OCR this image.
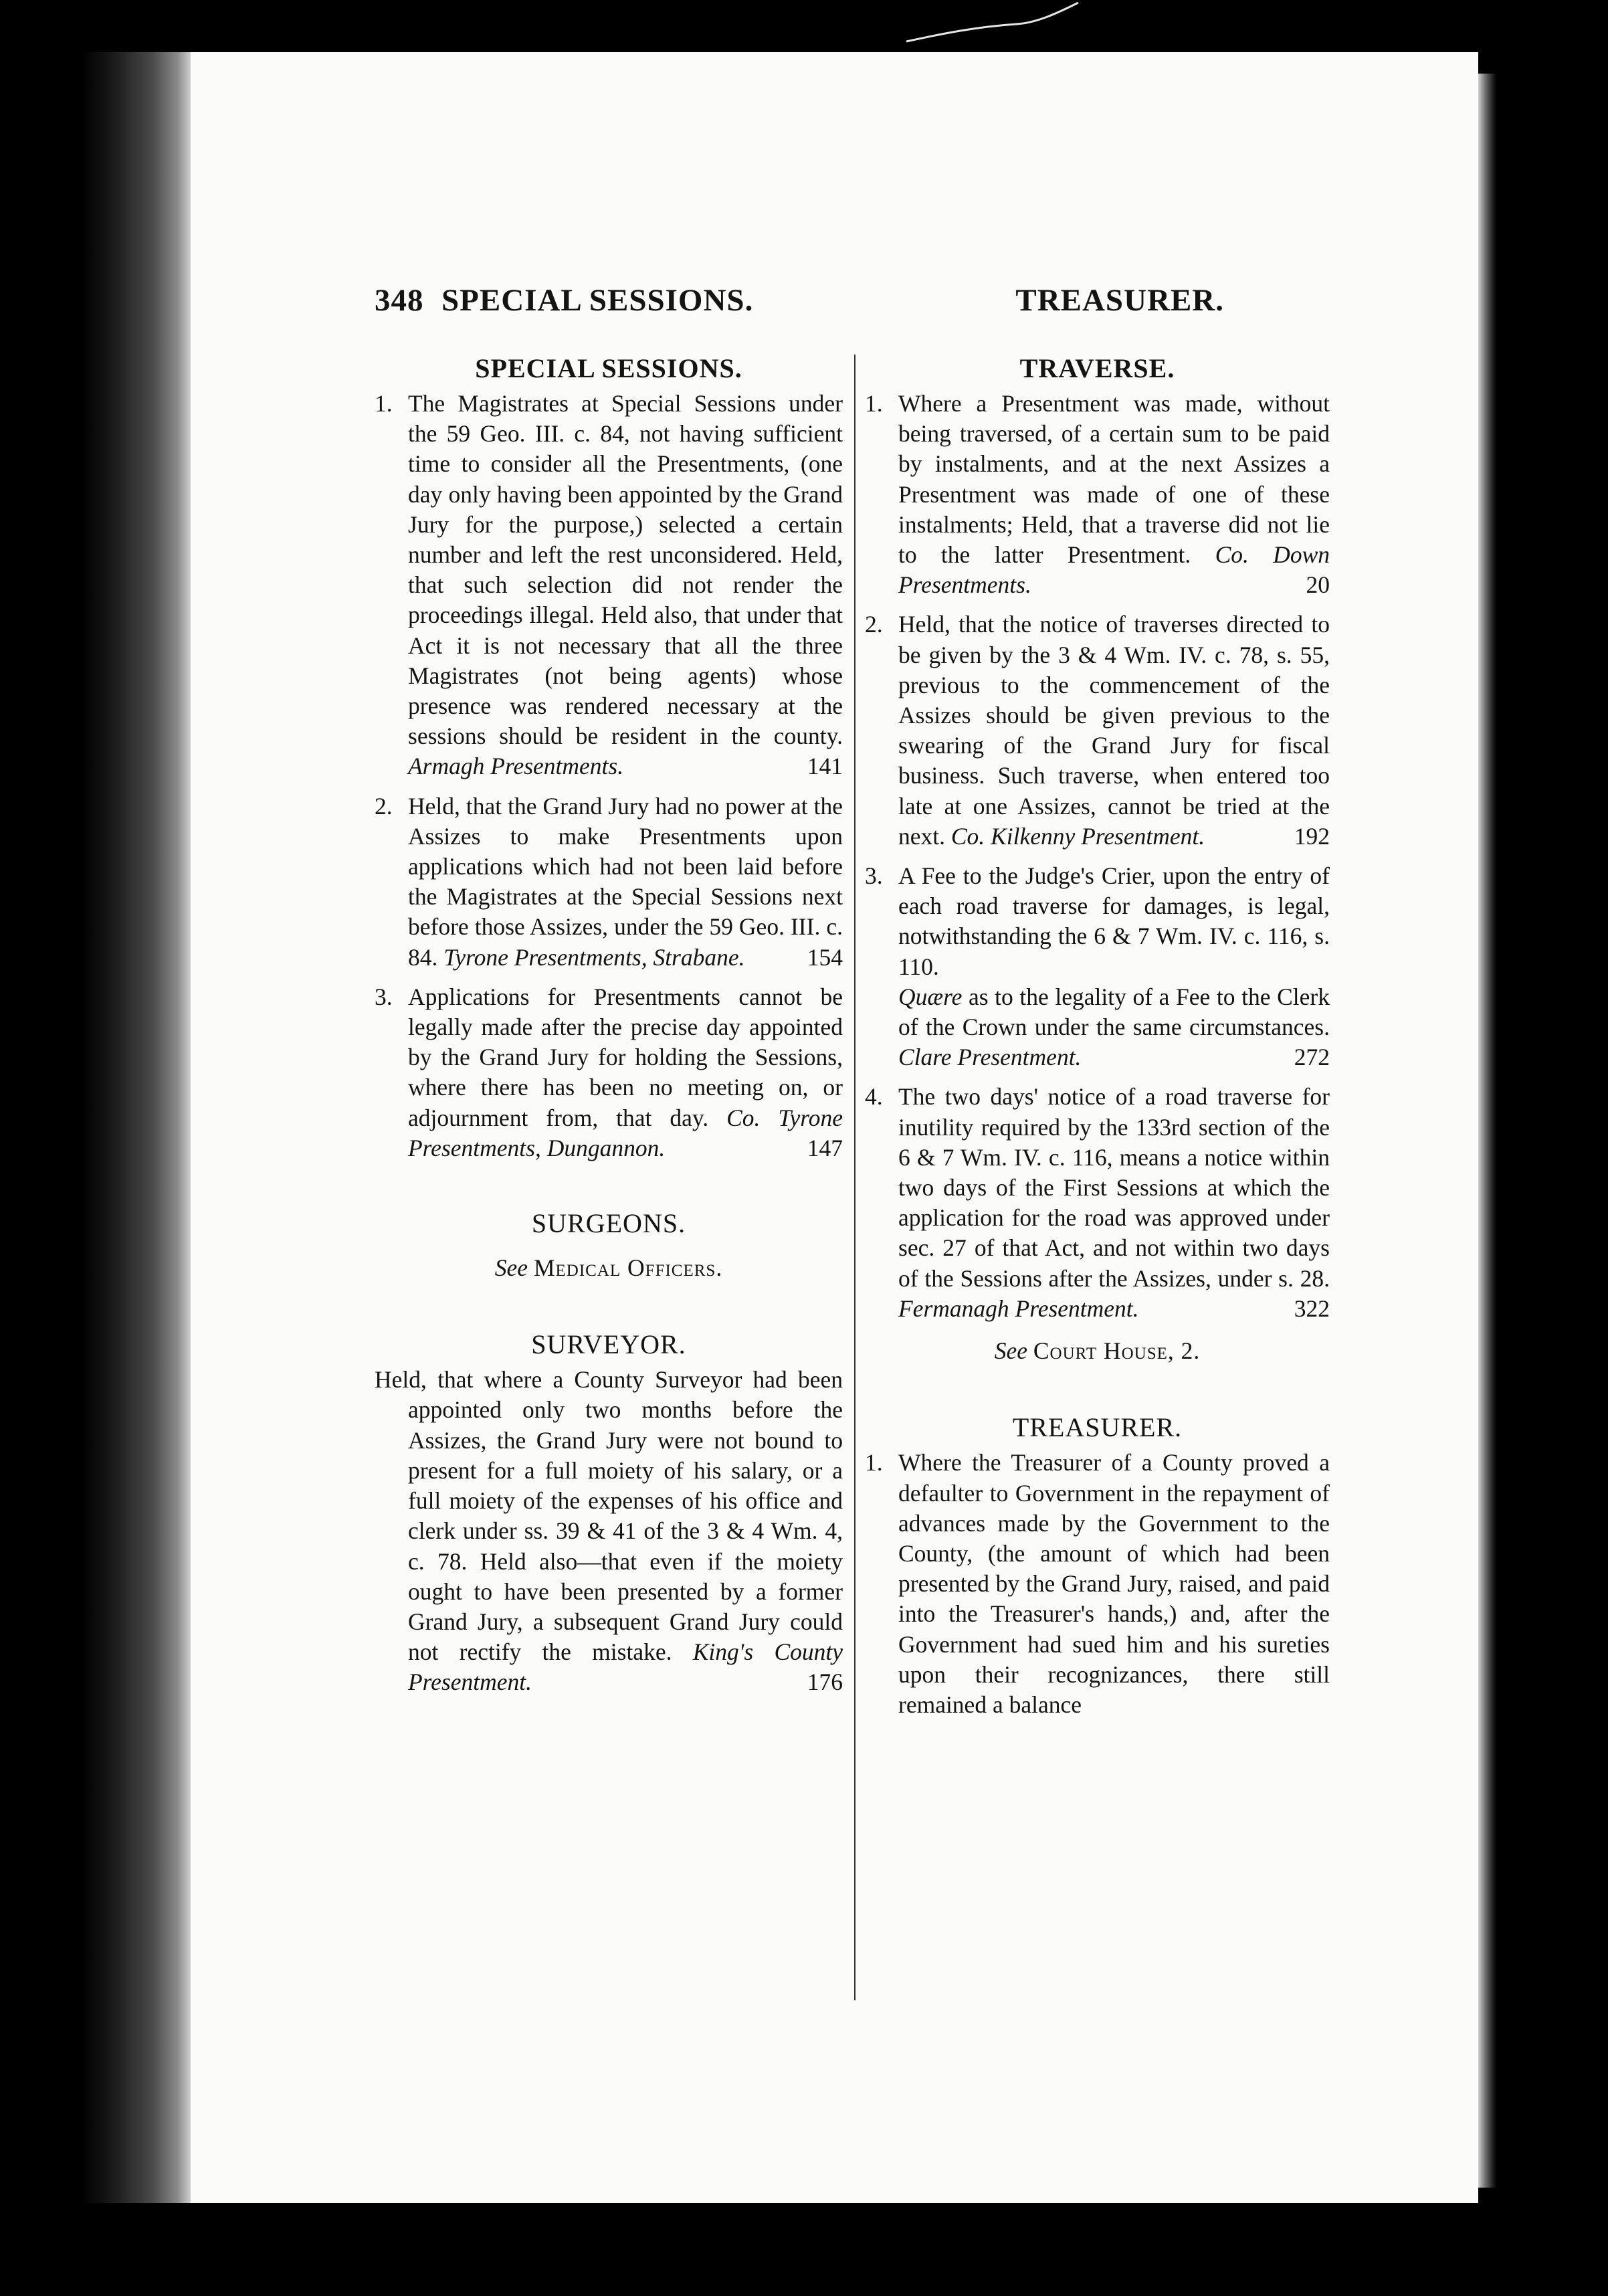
348 SPECIAL SESSIONS.	TREASURER.
SPECIAL SESSIONS.
1. The Magistrates at Special Sessions under the 59 Geo. III. c. 84, not having sufficient time to consider all the Presentments, (one day only having been appointed by the Grand Jury for the purpose,) selected a certain number and left the rest unconsidered. Held, that such selection did not render the proceedings illegal. Held also, that under that Act it is not necessary that all the three Magistrates (not being agents) whose presence was rendered necessary at the sessions should be resident in the county. Armagh Presentments.	141
2. Held, that the Grand Jury had no power at the Assizes to make Presentments upon applications which had not been laid before the Magistrates at the Special Sessions next before those Assizes, under the 59 Geo. III. c. 84. Tyrone Presentments, Strabane.	154
3. Applications for Presentments cannot be legally made after the precise day appointed by the Grand Jury for holding the Sessions, where there has been no meeting on, or adjournment from, that day. Co. Tyrone Presentments, Dungannon.	147
SURGEONS.
See Medical Officers.
SURVEYOR.
Held, that where a County Surveyor had been appointed only two months before the Assizes, the Grand Jury were not bound to present for a full moiety of his salary, or a full moiety of the expenses of his office and clerk under ss. 39 & 41 of the 3 & 4 Wm. 4, c. 78. Held also—that even if the moiety ought to have been presented by a former Grand Jury, a subsequent Grand Jury could not rectify the mistake. King's County Presentment.	176
TRAVERSE.
1. Where a Presentment was made, without being traversed, of a certain sum to be paid by instalments, and at the next Assizes a Presentment was made of one of these instalments; Held, that a traverse did not lie to the latter Presentment. Co. Down Presentments.	20
2. Held, that the notice of traverses directed to be given by the 3 & 4 Wm. IV. c. 78, s. 55, previous to the commencement of the Assizes should be given previous to the swearing of the Grand Jury for fiscal business. Such traverse, when entered too late at one Assizes, cannot be tried at the next. Co. Kilkenny Presentment.	192
3. A Fee to the Judge's Crier, upon the entry of each road traverse for damages, is legal, notwithstanding the 6 & 7 Wm. IV. c. 116, s. 110.
Quære as to the legality of a Fee to the Clerk of the Crown under the same circumstances. Clare Presentment.	272
4. The two days' notice of a road traverse for inutility required by the 133rd section of the 6 & 7 Wm. IV. c. 116, means a notice within two days of the First Sessions at which the application for the road was approved under sec. 27 of that Act, and not within two days of the Sessions after the Assizes, under s. 28. Fermanagh Presentment.	322
See Court House, 2.
TREASURER.
1. Where the Treasurer of a County proved a defaulter to Government in the repayment of advances made by the Government to the County, (the amount of which had been presented by the Grand Jury, raised, and paid into the Treasurer's hands,) and, after the Government had sued him and his sureties upon their recognizances, there still remained a balance
